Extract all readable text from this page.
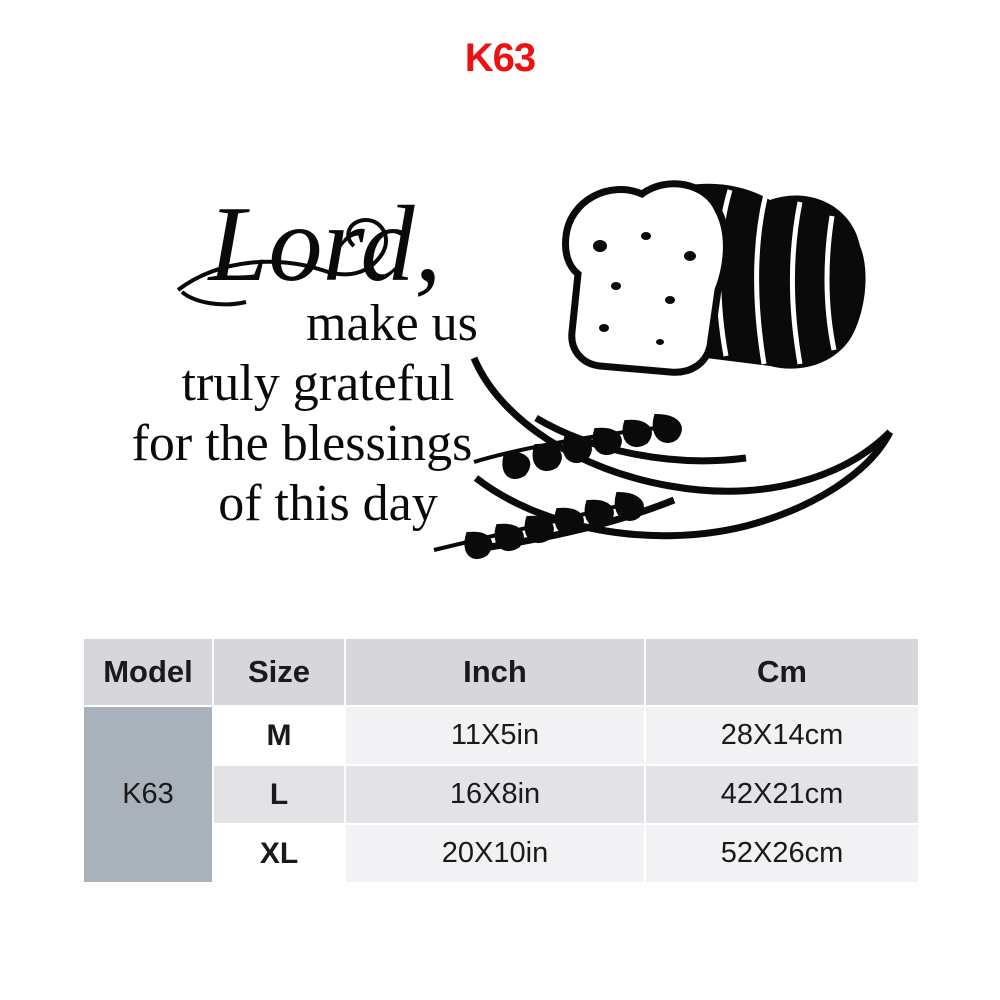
K63
Lord,
make us
truly grateful
for the blessings
of this day
Model	Size	Inch	Cm
K63	M	11X5in	28X14cm
	L	16X8in	42X21cm
	XL	20X10in	52X26cm
